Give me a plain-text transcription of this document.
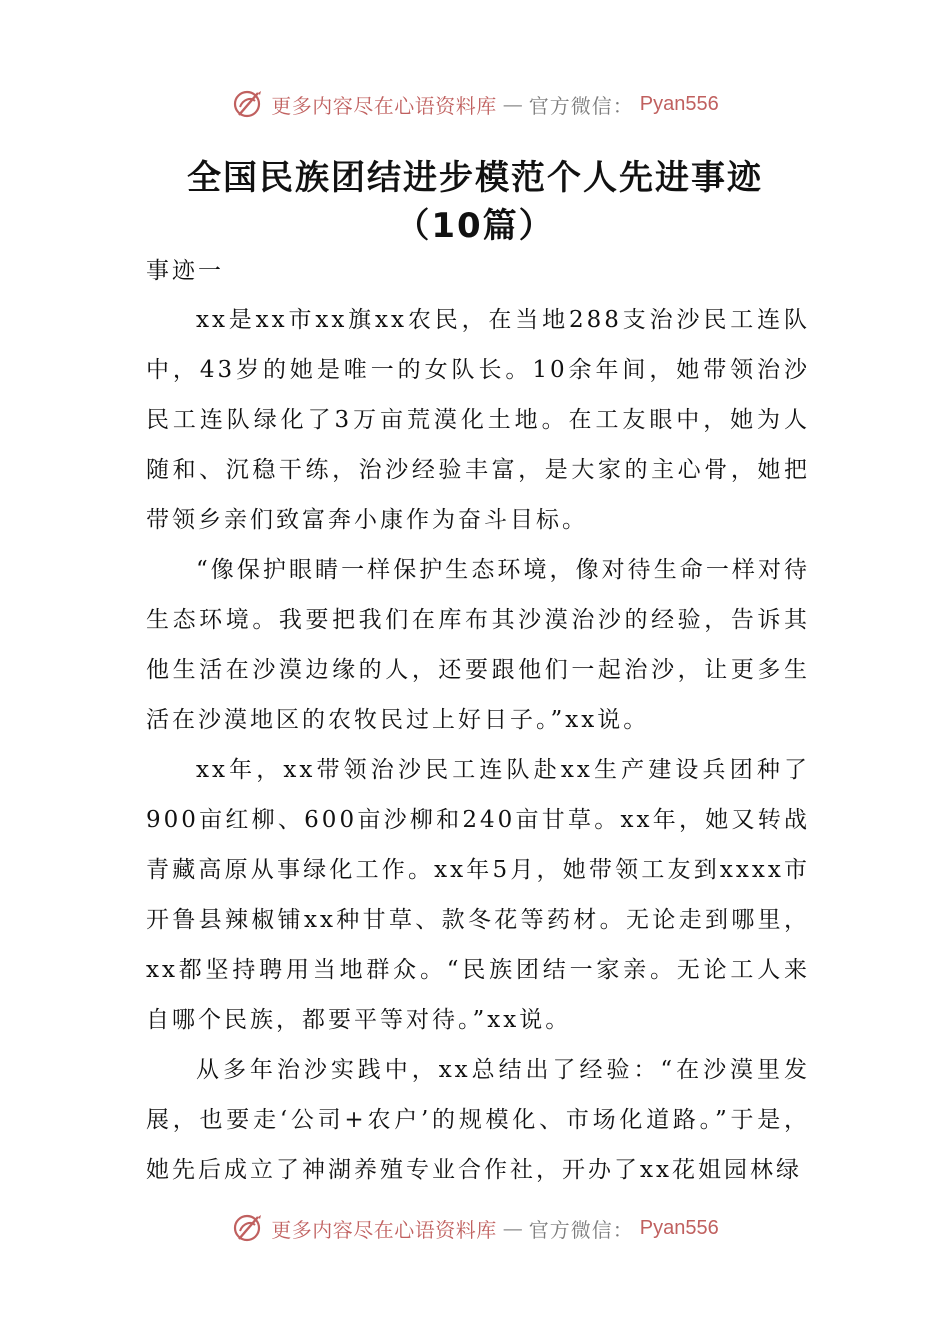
更多内容尽在心语资料库 — 官方微信： Pyan556
全国民族团结进步模范个人先进事迹
（10篇）
事迹一

xx是xx市xx旗xx农民，在当地288支治沙民工连队中，43岁的她是唯一的女队长。10余年间，她带领治沙民工连队绿化了3万亩荒漠化土地。在工友眼中，她为人随和、沉稳干练，治沙经验丰富，是大家的主心骨，她把带领乡亲们致富奔小康作为奋斗目标。

“像保护眼睛一样保护生态环境，像对待生命一样对待生态环境。我要把我们在库布其沙漠治沙的经验，告诉其他生活在沙漠边缘的人，还要跟他们一起治沙，让更多生活在沙漠地区的农牧民过上好日子。”xx说。

xx年，xx带领治沙民工连队赴xx生产建设兵团种了900亩红柳、600亩沙柳和240亩甘草。xx年，她又转战青藏高原从事绿化工作。xx年5月，她带领工友到xxxx市开鲁县辣椒铺xx种甘草、款冬花等药材。无论走到哪里，xx都坚持聘用当地群众。“民族团结一家亲。无论工人来自哪个民族，都要平等对待。”xx说。

从多年治沙实践中，xx总结出了经验：“在沙漠里发展，也要走‘公司+农户’的规模化、市场化道路。”于是，她先后成立了神湖养殖专业合作社，开办了xx花姐园林绿

更多内容尽在心语资料库 — 官方微信： Pyan556
